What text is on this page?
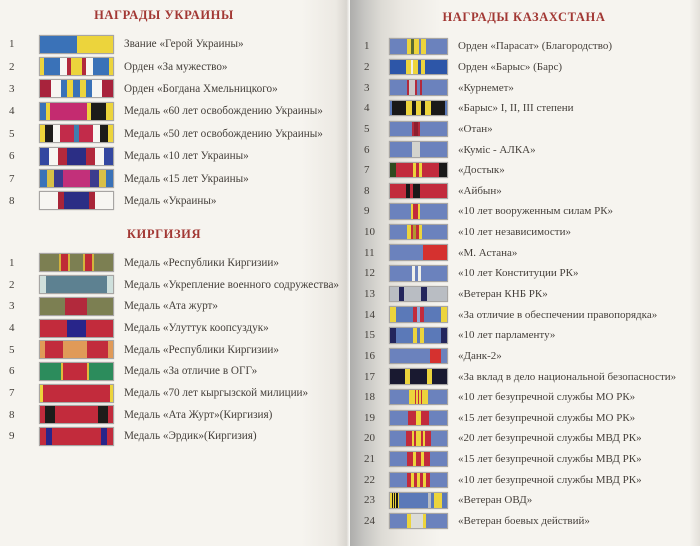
НАГРАДЫ УКРАИНЫ
1	Звание «Герой Украины»
2	Орден «За мужество»
3	Орден «Богдана Хмельницкого»
4	Медаль «60 лет освобождению Украины»
5	Медаль «50 лет освобождению Украины»
6	Медаль «10 лет Украины»
7	Медаль «15 лет Украины»
8	Медаль «Украины»
КИРГИЗИЯ
1	Медаль «Республики Киргизии»
2	Медаль «Укрепление военного содружества»
3	Медаль «Ата журт»
4	Медаль «Улуттук коопсуздук»
5	Медаль «Республики Киргизии»
6	Медаль «За отличие в ОГГ»
7	Медаль «70 лет кыргызской милиции»
8	Медаль «Ата Журт»(Киргизия)
9	Медаль «Эрдик»(Киргизия)
НАГРАДЫ КАЗАХСТАНА
1	Орден «Парасат» (Благородство)
2	Орден «Барыс» (Барс)
3	«Курнемет»
4	«Барыс» I, II, III степени
5	«Отан»
6	«Куміс - АЛКА»
7	«Достык»
8	«Айбын»
9	«10 лет вооруженным силам РК»
10	«10 лет независимости»
11	«М. Астана»
12	«10 лет Конституции РК»
13	«Ветеран КНБ РК»
14	«За отличие в обеспечении правопорядка»
15	«10 лет парламенту»
16	«Данк-2»
17	«За вклад в дело национальной безопасности»
18	«10 лет безупречной службы МО РК»
19	«15 лет безупречной службы МО РК»
20	«20 лет безупречной службы МВД РК»
21	«15 лет безупречной службы МВД РК»
22	«10 лет безупречной службы МВД РК»
23	«Ветеран ОВД»
24	«Ветеран боевых действий»
